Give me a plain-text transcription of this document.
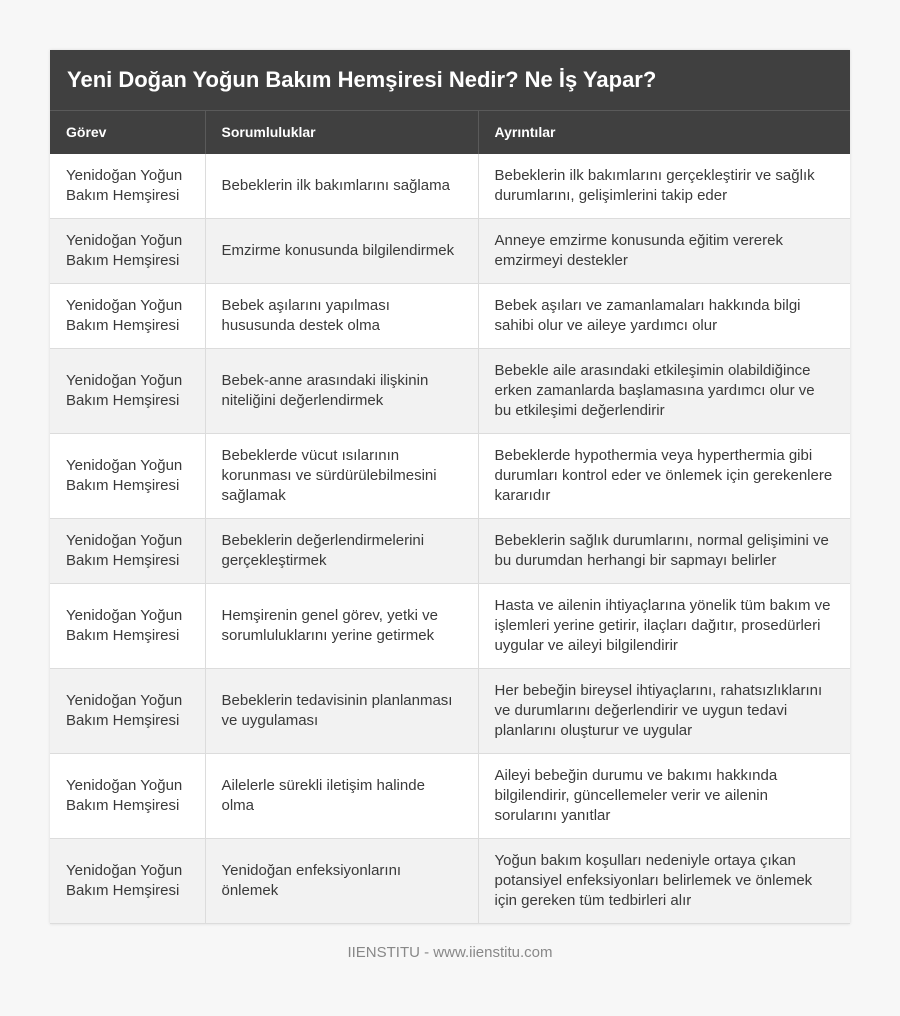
Yeni Doğan Yoğun Bakım Hemşiresi Nedir? Ne İş Yapar?
Görev	Sorumluluklar	Ayrıntılar
Yenidoğan Yoğun Bakım Hemşiresi	Bebeklerin ilk bakımlarını sağlama	Bebeklerin ilk bakımlarını gerçekleştirir ve sağlık durumlarını, gelişimlerini takip eder
Yenidoğan Yoğun Bakım Hemşiresi	Emzirme konusunda bilgilendirmek	Anneye emzirme konusunda eğitim vererek emzirmeyi destekler
Yenidoğan Yoğun Bakım Hemşiresi	Bebek aşılarını yapılması hususunda destek olma	Bebek aşıları ve zamanlamaları hakkında bilgi sahibi olur ve aileye yardımcı olur
Yenidoğan Yoğun Bakım Hemşiresi	Bebek-anne arasındaki ilişkinin niteliğini değerlendirmek	Bebekle aile arasındaki etkileşimin olabildiğince erken zamanlarda başlamasına yardımcı olur ve bu etkileşimi değerlendirir
Yenidoğan Yoğun Bakım Hemşiresi	Bebeklerde vücut ısılarının korunması ve sürdürülebilmesini sağlamak	Bebeklerde hypothermia veya hyperthermia gibi durumları kontrol eder ve önlemek için gerekenlere kararıdır
Yenidoğan Yoğun Bakım Hemşiresi	Bebeklerin değerlendirmelerini gerçekleştirmek	Bebeklerin sağlık durumlarını, normal gelişimini ve bu durumdan herhangi bir sapmayı belirler
Yenidoğan Yoğun Bakım Hemşiresi	Hemşirenin genel görev, yetki ve sorumluluklarını yerine getirmek	Hasta ve ailenin ihtiyaçlarına yönelik tüm bakım ve işlemleri yerine getirir, ilaçları dağıtır, prosedürleri uygular ve aileyi bilgilendirir
Yenidoğan Yoğun Bakım Hemşiresi	Bebeklerin tedavisinin planlanması ve uygulaması	Her bebeğin bireysel ihtiyaçlarını, rahatsızlıklarını ve durumlarını değerlendirir ve uygun tedavi planlarını oluşturur ve uygular
Yenidoğan Yoğun Bakım Hemşiresi	Ailelerle sürekli iletişim halinde olma	Aileyi bebeğin durumu ve bakımı hakkında bilgilendirir, güncellemeler verir ve ailenin sorularını yanıtlar
Yenidoğan Yoğun Bakım Hemşiresi	Yenidoğan enfeksiyonlarını önlemek	Yoğun bakım koşulları nedeniyle ortaya çıkan potansiyel enfeksiyonları belirlemek ve önlemek için gereken tüm tedbirleri alır
IIENSTITU - www.iienstitu.com
